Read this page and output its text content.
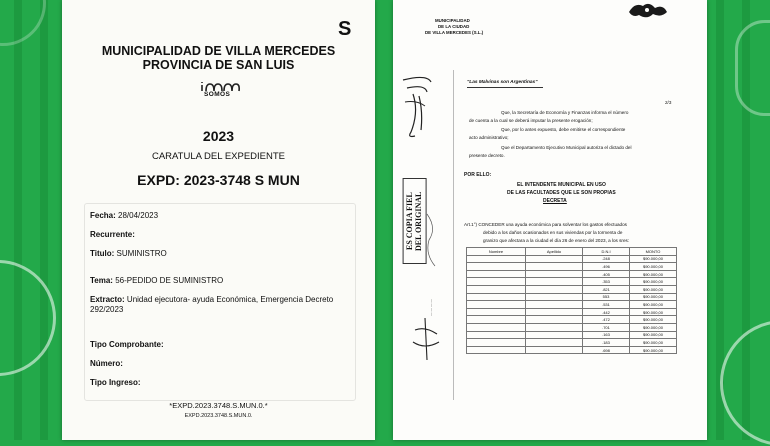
S
MUNICIPALIDAD DE VILLA MERCEDES
PROVINCIA DE SAN LUIS
SOMOS
2023
CARATULA DEL EXPEDIENTE
EXPD: 2023-3748 S MUN
Fecha: 28/04/2023
Recurrente:
Titulo: SUMINISTRO
Tema: 56-PEDIDO DE SUMINISTRO
Extracto: Unidad ejecutora- ayuda Económica, Emergencia Decreto
292/2023
Tipo Comprobante:
Número:
Tipo Ingreso:
*EXPD.2023.3748.S.MUN.0.*
EXPD.2023.3748.S.MUN.0.
MUNICIPALIDAD
DE LA CIUDAD
DE VILLA MERCEDES (S.L.)
"Las Malvinas son Argentinas"
2/3
Que, la Secretaría de Economía y Finanzas informa el número
de cuenta a la cual se deberá imputar la presente erogación;
Que, por lo antes expuesto, debe emitirse el correspondiente
acto administrativo;
Que el Departamento Ejecutivo Municipal autoriza el dictado del
presente decreto.
POR ELLO:
EL INTENDENTE MUNICIPAL EN USO
DE LAS FACULTADES QUE LE SON PROPIAS
DECRETA
Art.1°) CONCEDER una ayuda económica para solventar los gastos efectuados
debido a los daños ocasionados en sus viviendas por la tormenta de
granizo que afectara a la ciudad el día 26 de enero del 2023, a los sres:
Nombre	Apellido	D.N.I	MONTO
		.248	$90.000,00
		.496	$90.000,00
		.405	$90.000,00
		.353	$90.000,00
		.821	$90.000,00
		553	$90.000,00
		.531	$90.000,00
		.442	$90.000,00
		.472	$90.000,00
		.701	$90.000,00
		.163	$90.000,00
		.183	$90.000,00
		.698	$90.000,00
ES COPIA FIEL
DEL ORIGINAL
— — — —
